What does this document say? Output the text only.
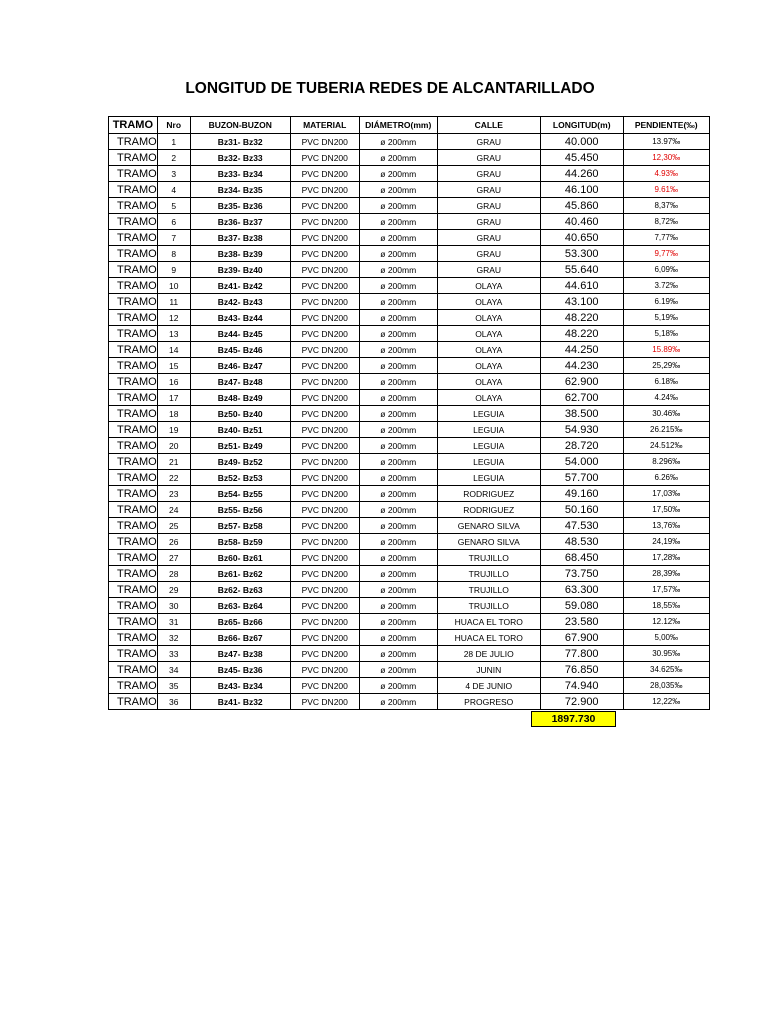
LONGITUD DE TUBERIA REDES DE ALCANTARILLADO
TRAMO	Nro	BUZON-BUZON	MATERIAL	DIÁMETRO(mm)	CALLE	LONGITUD(m)	PENDIENTE(‰)
TRAMO	1	Bz31- Bz32	PVC DN200	ø 200mm	GRAU	40.000	13.97‰
TRAMO	2	Bz32- Bz33	PVC DN200	ø 200mm	GRAU	45.450	12,30‰
TRAMO	3	Bz33- Bz34	PVC DN200	ø 200mm	GRAU	44.260	4.93‰
TRAMO	4	Bz34- Bz35	PVC DN200	ø 200mm	GRAU	46.100	9.61‰
TRAMO	5	Bz35- Bz36	PVC DN200	ø 200mm	GRAU	45.860	8,37‰
TRAMO	6	Bz36- Bz37	PVC DN200	ø 200mm	GRAU	40.460	8,72‰
TRAMO	7	Bz37- Bz38	PVC DN200	ø 200mm	GRAU	40.650	7,77‰
TRAMO	8	Bz38- Bz39	PVC DN200	ø 200mm	GRAU	53.300	9,77‰
TRAMO	9	Bz39- Bz40	PVC DN200	ø 200mm	GRAU	55.640	6,09‰
TRAMO	10	Bz41- Bz42	PVC DN200	ø 200mm	OLAYA	44.610	3.72‰
TRAMO	11	Bz42- Bz43	PVC DN200	ø 200mm	OLAYA	43.100	6.19‰
TRAMO	12	Bz43- Bz44	PVC DN200	ø 200mm	OLAYA	48.220	5,19‰
TRAMO	13	Bz44- Bz45	PVC DN200	ø 200mm	OLAYA	48.220	5,18‰
TRAMO	14	Bz45- Bz46	PVC DN200	ø 200mm	OLAYA	44.250	15.89‰
TRAMO	15	Bz46- Bz47	PVC DN200	ø 200mm	OLAYA	44.230	25,29‰
TRAMO	16	Bz47- Bz48	PVC DN200	ø 200mm	OLAYA	62.900	6.18‰
TRAMO	17	Bz48- Bz49	PVC DN200	ø 200mm	OLAYA	62.700	4.24‰
TRAMO	18	Bz50- Bz40	PVC DN200	ø 200mm	LEGUIA	38.500	30.46‰
TRAMO	19	Bz40- Bz51	PVC DN200	ø 200mm	LEGUIA	54.930	26.215‰
TRAMO	20	Bz51- Bz49	PVC DN200	ø 200mm	LEGUIA	28.720	24.512‰
TRAMO	21	Bz49- Bz52	PVC DN200	ø 200mm	LEGUIA	54.000	8.296‰
TRAMO	22	Bz52- Bz53	PVC DN200	ø 200mm	LEGUIA	57.700	6.26‰
TRAMO	23	Bz54- Bz55	PVC DN200	ø 200mm	RODRIGUEZ	49.160	17,03‰
TRAMO	24	Bz55- Bz56	PVC DN200	ø 200mm	RODRIGUEZ	50.160	17,50‰
TRAMO	25	Bz57- Bz58	PVC DN200	ø 200mm	GENARO SILVA	47.530	13,76‰
TRAMO	26	Bz58- Bz59	PVC DN200	ø 200mm	GENARO SILVA	48.530	24,19‰
TRAMO	27	Bz60- Bz61	PVC DN200	ø 200mm	TRUJILLO	68.450	17,28‰
TRAMO	28	Bz61- Bz62	PVC DN200	ø 200mm	TRUJILLO	73.750	28,39‰
TRAMO	29	Bz62- Bz63	PVC DN200	ø 200mm	TRUJILLO	63.300	17,57‰
TRAMO	30	Bz63- Bz64	PVC DN200	ø 200mm	TRUJILLO	59.080	18,55‰
TRAMO	31	Bz65- Bz66	PVC DN200	ø 200mm	HUACA EL TORO	23.580	12.12‰
TRAMO	32	Bz66- Bz67	PVC DN200	ø 200mm	HUACA EL TORO	67.900	5,00‰
TRAMO	33	Bz47- Bz38	PVC DN200	ø 200mm	28 DE JULIO	77.800	30.95‰
TRAMO	34	Bz45- Bz36	PVC DN200	ø 200mm	JUNIN	76.850	34.625‰
TRAMO	35	Bz43- Bz34	PVC DN200	ø 200mm	4 DE JUNIO	74.940	28,035‰
TRAMO	36	Bz41- Bz32	PVC DN200	ø 200mm	PROGRESO	72.900	12,22‰
1897.730
